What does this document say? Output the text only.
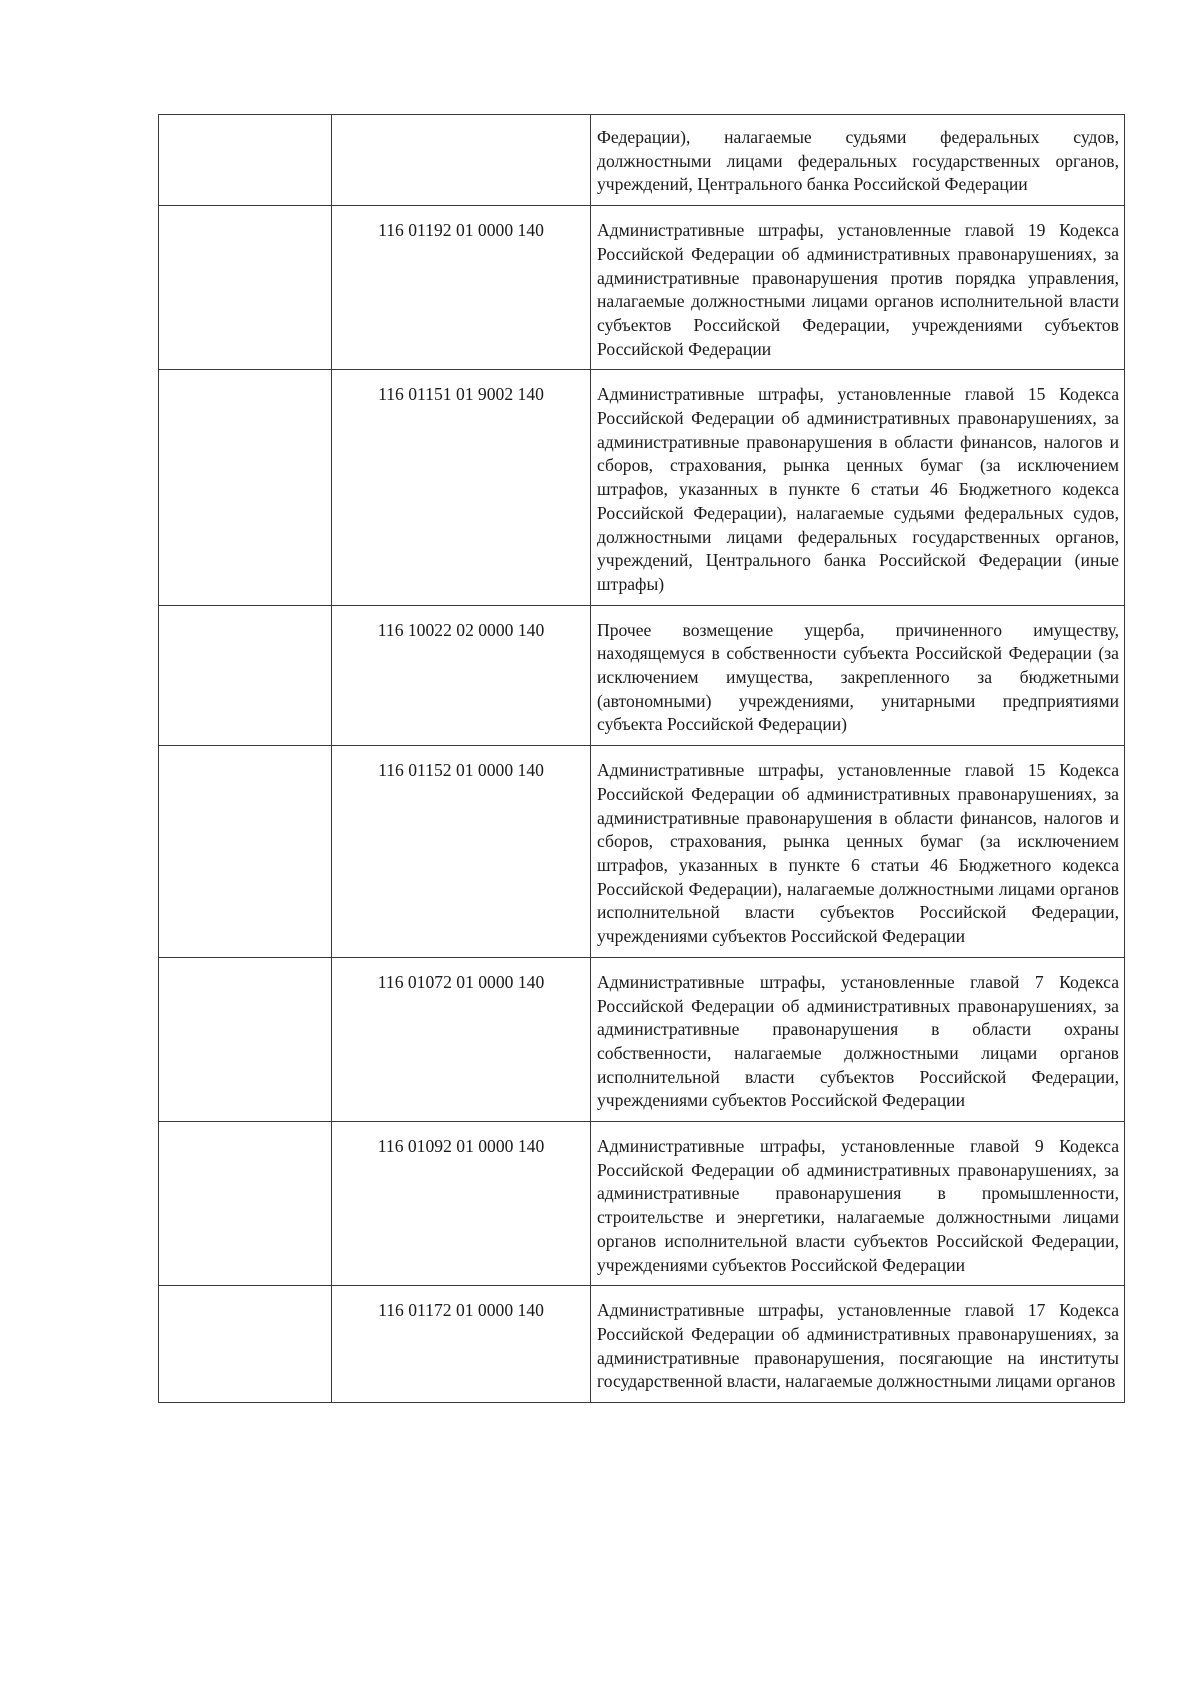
		Федерации), налагаемые судьями федеральных судов, должностными лицами федеральных государственных органов, учреждений, Центрального банка Российской Федерации

	116 01192 01 0000 140	Административные штрафы, установленные главой 19 Кодекса Российской Федерации об административных правонарушениях, за административные правонарушения против порядка управления, налагаемые должностными лицами органов исполнительной власти субъектов Российской Федерации, учреждениями субъектов Российской Федерации

	116 01151 01 9002 140	Административные штрафы, установленные главой 15 Кодекса Российской Федерации об административных правонарушениях, за административные правонарушения в области финансов, налогов и сборов, страхования, рынка ценных бумаг (за исключением штрафов, указанных в пункте 6 статьи 46 Бюджетного кодекса Российской Федерации), налагаемые судьями федеральных судов, должностными лицами федеральных государственных органов, учреждений, Центрального банка Российской Федерации (иные штрафы)

	116 10022 02 0000 140	Прочее возмещение ущерба, причиненного имуществу, находящемуся в собственности субъекта Российской Федерации (за исключением имущества, закрепленного за бюджетными (автономными) учреждениями, унитарными предприятиями субъекта Российской Федерации)

	116 01152 01 0000 140	Административные штрафы, установленные главой 15 Кодекса Российской Федерации об административных правонарушениях, за административные правонарушения в области финансов, налогов и сборов, страхования, рынка ценных бумаг (за исключением штрафов, указанных в пункте 6 статьи 46 Бюджетного кодекса Российской Федерации), налагаемые должностными лицами органов исполнительной власти субъектов Российской Федерации, учреждениями субъектов Российской Федерации

	116 01072 01 0000 140	Административные штрафы, установленные главой 7 Кодекса Российской Федерации об административных правонарушениях, за административные правонарушения в области охраны собственности, налагаемые должностными лицами органов исполнительной власти субъектов Российской Федерации, учреждениями субъектов Российской Федерации

	116 01092 01 0000 140	Административные штрафы, установленные главой 9 Кодекса Российской Федерации об административных правонарушениях, за административные правонарушения в промышленности, строительстве и энергетики, налагаемые должностными лицами органов исполнительной власти субъектов Российской Федерации, учреждениями субъектов Российской Федерации

	116 01172 01 0000 140	Административные штрафы, установленные главой 17 Кодекса Российской Федерации об административных правонарушениях, за административные правонарушения, посягающие на институты государственной власти, налагаемые должностными лицами органов
